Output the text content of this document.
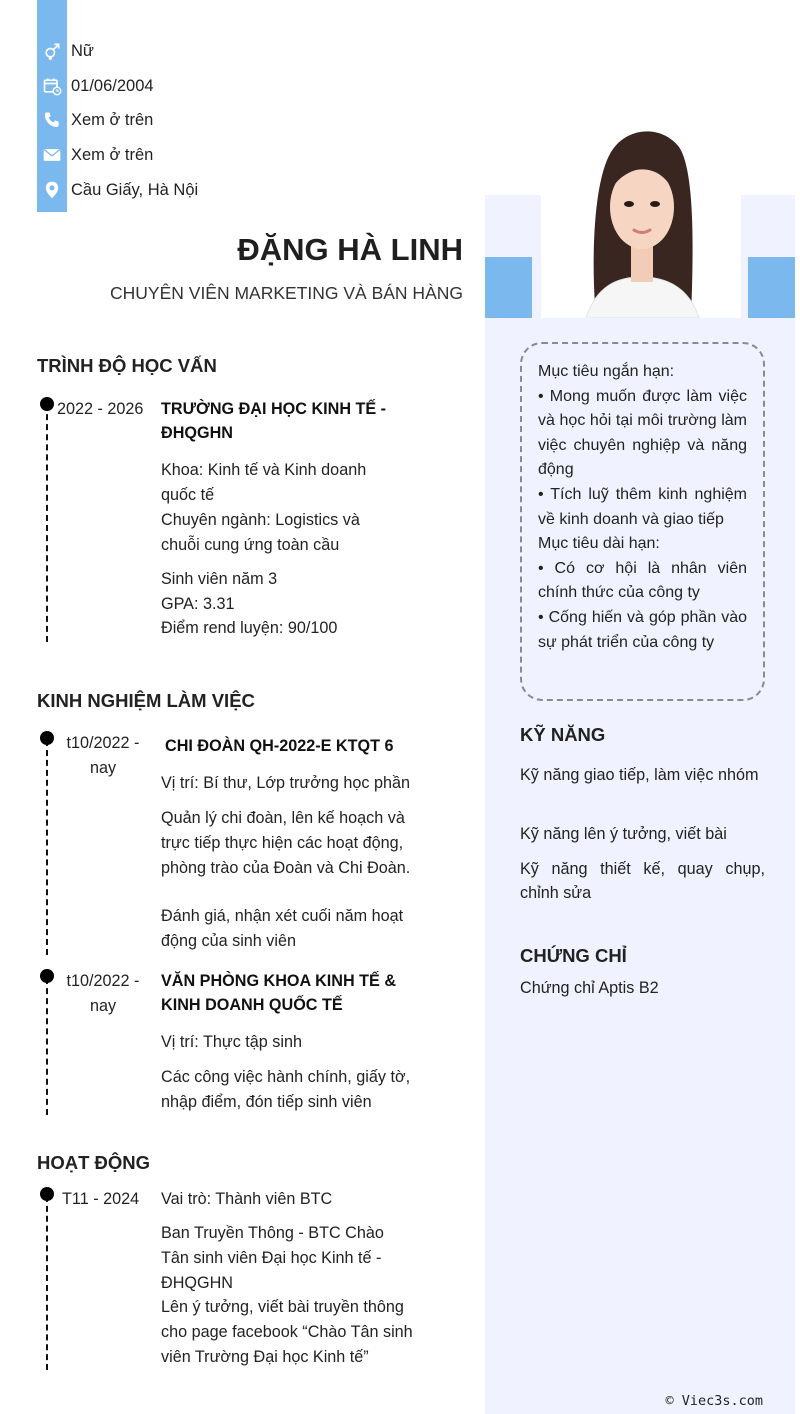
Nữ
01/06/2004
Xem ở trên
Xem ở trên
Cầu Giấy, Hà Nội
ĐẶNG HÀ LINH
CHUYÊN VIÊN MARKETING VÀ BÁN HÀNG
Mục tiêu ngắn hạn:
• Mong muốn được làm việc và học hỏi tại môi trường làm việc chuyên nghiệp và năng động
• Tích luỹ thêm kinh nghiệm về kinh doanh và giao tiếp
Mục tiêu dài hạn:
• Có cơ hội là nhân viên chính thức của công ty
• Cống hiến và góp phần vào sự phát triển của công ty
KỸ NĂNG
Kỹ năng giao tiếp, làm việc nhóm
Kỹ năng lên ý tưởng, viết bài
Kỹ năng thiết kế, quay chụp, chỉnh sửa
CHỨNG CHỈ
Chứng chỉ Aptis B2
TRÌNH ĐỘ HỌC VẤN
2022 - 2026 TRƯỜNG ĐẠI HỌC KINH TẾ - ĐHQGHN
Khoa: Kinh tế và Kinh doanh quốc tế
Chuyên ngành: Logistics và chuỗi cung ứng toàn cầu
Sinh viên năm 3
GPA: 3.31
Điểm rend luyện: 90/100
KINH NGHIỆM LÀM VIỆC
t10/2022 -
nay
CHI ĐOÀN QH-2022-E KTQT 6
Vị trí: Bí thư, Lớp trưởng học phần
Quản lý chi đoàn, lên kế hoạch và trực tiếp thực hiện các hoạt động, phòng trào của Đoàn và Chi Đoàn.
Đánh giá, nhận xét cuối năm hoạt động của sinh viên
t10/2022 -
nay
VĂN PHÒNG KHOA KINH TẾ & KINH DOANH QUỐC TẾ
Vị trí: Thực tập sinh
Các công việc hành chính, giấy tờ, nhập điểm, đón tiếp sinh viên
HOẠT ĐỘNG
T11 - 2024 Vai trò: Thành viên BTC
Ban Truyền Thông - BTC Chào Tân sinh viên Đại học Kinh tế - ĐHQGHN
Lên ý tưởng, viết bài truyền thông cho page facebook “Chào Tân sinh viên Trường Đại học Kinh tế”
© Viec3s.com
